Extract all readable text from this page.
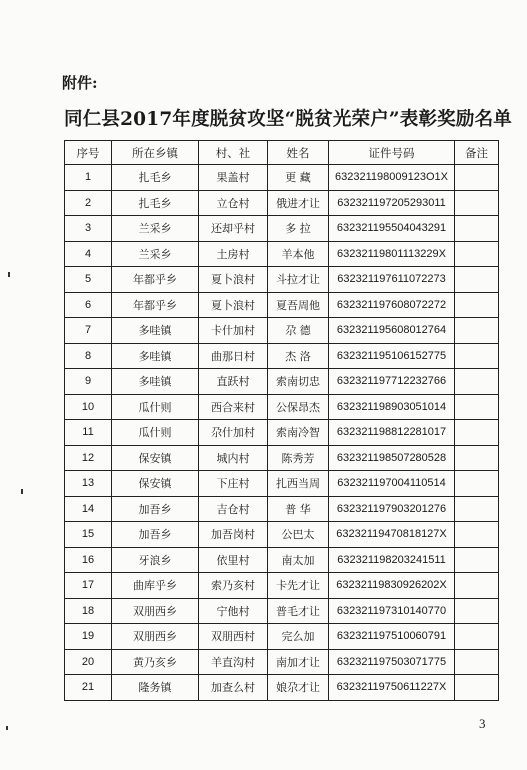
附件:
同仁县2017年度脱贫攻坚“脱贫光荣户”表彰奖励名单
序号	所在乡镇	村、社	姓名	证件号码	备注
1	扎毛乡	果盖村	更 藏	632321198009123O1X	
2	扎毛乡	立仓村	俄进才让	632321197205293011	
3	兰采乡	还却乎村	多 拉	632321195504043291	
4	兰采乡	土房村	羊本他	63232119801113229X	
5	年都乎乡	夏卜浪村	斗拉才让	632321197611072273	
6	年都乎乡	夏卜浪村	夏吾周他	632321197608072272	
7	多哇镇	卡什加村	尕 德	632321195608012764	
8	多哇镇	曲那日村	杰 洛	632321195106152775	
9	多哇镇	直跃村	索南切忠	632321197712232766	
10	瓜什则	西合来村	公保昂杰	632321198903051014	
11	瓜什则	尕什加村	索南冷智	632321198812281017	
12	保安镇	城内村	陈秀芳	632321198507280528	
13	保安镇	下庄村	扎西当周	632321197004110514	
14	加吾乡	吉仓村	普 华	632321197903201276	
15	加吾乡	加吾岗村	公巴太	63232119470818127X	
16	牙浪乡	依里村	南太加	632321198203241511	
17	曲库乎乡	索乃亥村	卡先才让	63232119830926202X	
18	双朋西乡	宁他村	普毛才让	632321197310140770	
19	双朋西乡	双朋西村	完么加	632321197510060791	
20	黄乃亥乡	羊直沟村	南加才让	632321197503071775	
21	隆务镇	加查么村	娘尕才让	63232119750611227X	
3
